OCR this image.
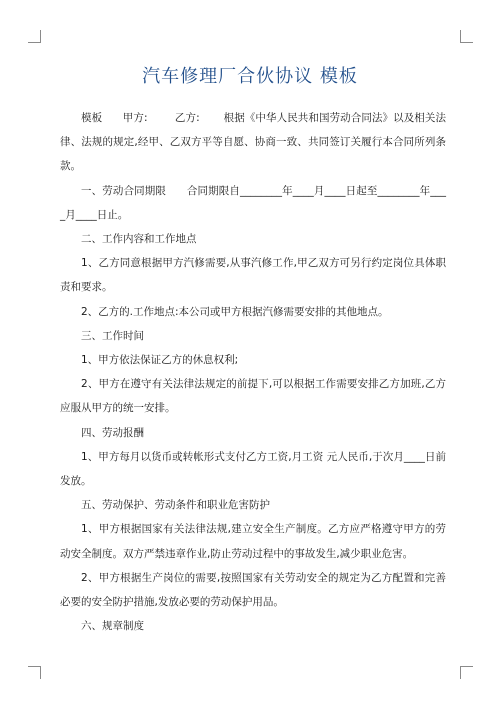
汽车修理厂合伙协议 模板

模板      甲方:        乙方:       根据《中华人民共和国劳动合同法》以及相关法律、法规的规定,经甲、乙双方平等自愿、协商一致、共同签订关履行本合同所列条款。

一、劳动合同期限      合同期限自________年____月____日起至________年____月____日止。

二、工作内容和工作地点

1、乙方同意根据甲方汽修需要,从事汽修工作,甲乙双方可另行约定岗位具体职责和要求。

2、乙方的.工作地点:本公司或甲方根据汽修需要安排的其他地点。

三、工作时间

1、甲方依法保证乙方的休息权利;

2、甲方在遵守有关法律法规定的前提下,可以根据工作需要安排乙方加班,乙方应服从甲方的统一安排。

四、劳动报酬

1、甲方每月以货币或转帐形式支付乙方工资,月工资 元人民币,于次月____日前发放。

五、劳动保护、劳动条件和职业危害防护

1、甲方根据国家有关法律法规,建立安全生产制度。乙方应严格遵守甲方的劳动安全制度。双方严禁违章作业,防止劳动过程中的事故发生,减少职业危害。

2、甲方根据生产岗位的需要,按照国家有关劳动安全的规定为乙方配置和完善必要的安全防护措施,发放必要的劳动保护用品。

六、规章制度
